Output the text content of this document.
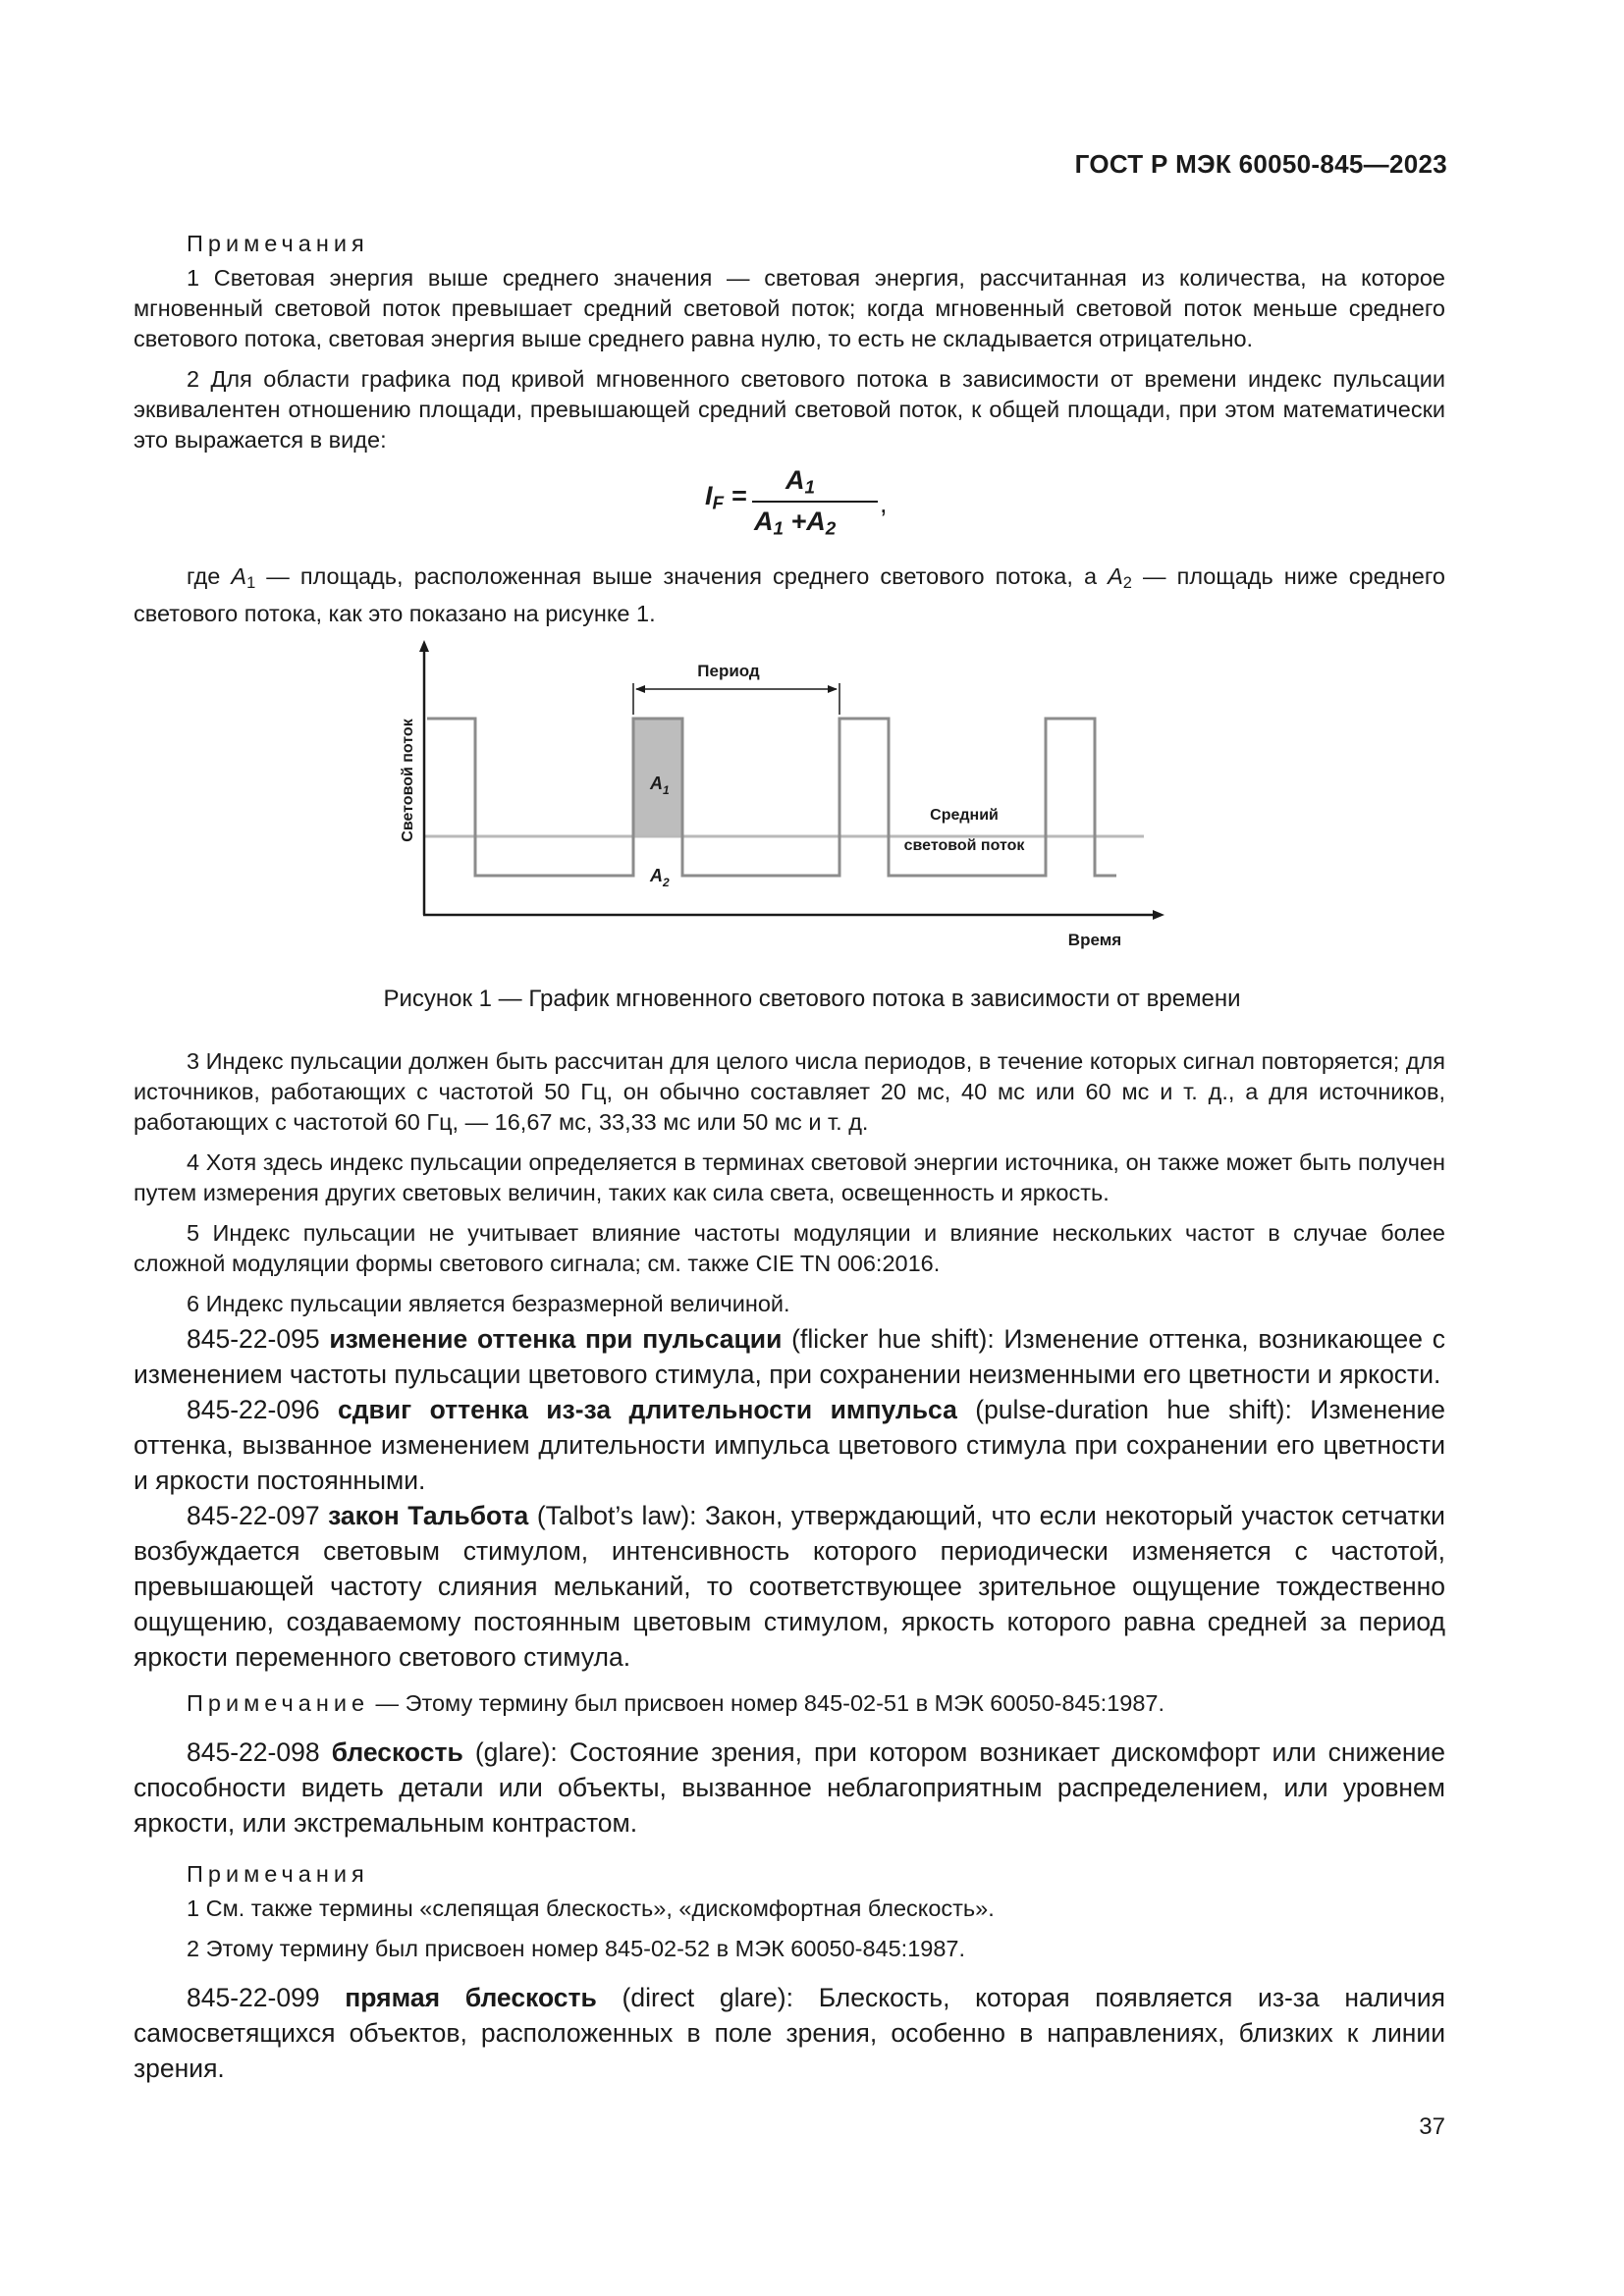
ГОСТ Р МЭК 60050-845—2023
Примечания

1 Световая энергия выше среднего значения — световая энергия, рассчитанная из количества, на которое мгновенный световой поток превышает средний световой поток; когда мгновенный световой поток меньше среднего светового потока, световая энергия выше среднего равна нулю, то есть не складывается отрицательно.

2 Для области графика под кривой мгновенного светового потока в зависимости от времени индекс пульсации эквивалентен отношению площади, превышающей средний световой поток, к общей площади, при этом математически это выражается в виде:

$I_F$ =
$A_1$
$A_1 +A_2$
,

где $A_1$ — площадь, расположенная выше значения среднего светового потока, а $A_2$ — площадь ниже среднего светового потока, как это показано на рисунке 1.

Период
$A_1$
$A_2$
Средний
световой поток
Световой поток
Время
Рисунок 1 — График мгновенного светового потока в зависимости от времени

3 Индекс пульсации должен быть рассчитан для целого числа периодов, в течение которых сигнал повторяется; для источников, работающих с частотой 50 Гц, он обычно составляет 20 мс, 40 мс или 60 мс и т. д., а для источников, работающих с частотой 60 Гц, — 16,67 мс, 33,33 мс или 50 мс и т. д.

4 Хотя здесь индекс пульсации определяется в терминах световой энергии источника, он также может быть получен путем измерения других световых величин, таких как сила света, освещенность и яркость.

5 Индекс пульсации не учитывает влияние частоты модуляции и влияние нескольких частот в случае более сложной модуляции формы светового сигнала; см. также CIE TN 006:2016.

6 Индекс пульсации является безразмерной величиной.

845-22-095 изменение оттенка при пульсации (flicker hue shift): Изменение оттенка, возникающее с изменением частоты пульсации цветового стимула, при сохранении неизменными его цветности и яркости.

845-22-096 сдвиг оттенка из-за длительности импульса (pulse-duration hue shift): Изменение оттенка, вызванное изменением длительности импульса цветового стимула при сохранении его цветности и яркости постоянными.

845-22-097 закон Тальбота (Talbot’s law): Закон, утверждающий, что если некоторый участок сетчатки возбуждается световым стимулом, интенсивность которого периодически изменяется с частотой, превышающей частоту слияния мельканий, то соответствующее зрительное ощущение тождественно ощущению, создаваемому постоянным цветовым стимулом, яркость которого равна средней за период яркости переменного светового стимула.

Примечание — Этому термину был присвоен номер 845-02-51 в МЭК 60050-845:1987.

845-22-098 блескость (glare): Состояние зрения, при котором возникает дискомфорт или снижение способности видеть детали или объекты, вызванное неблагоприятным распределением, или уровнем яркости, или экстремальным контрастом.

Примечания

1 См. также термины «слепящая блескость», «дискомфортная блескость».

2 Этому термину был присвоен номер 845-02-52 в МЭК 60050-845:1987.

845-22-099 прямая блескость (direct glare): Блескость, которая появляется из-за наличия самосветящихся объектов, расположенных в поле зрения, особенно в направлениях, близких к линии зрения.

37
